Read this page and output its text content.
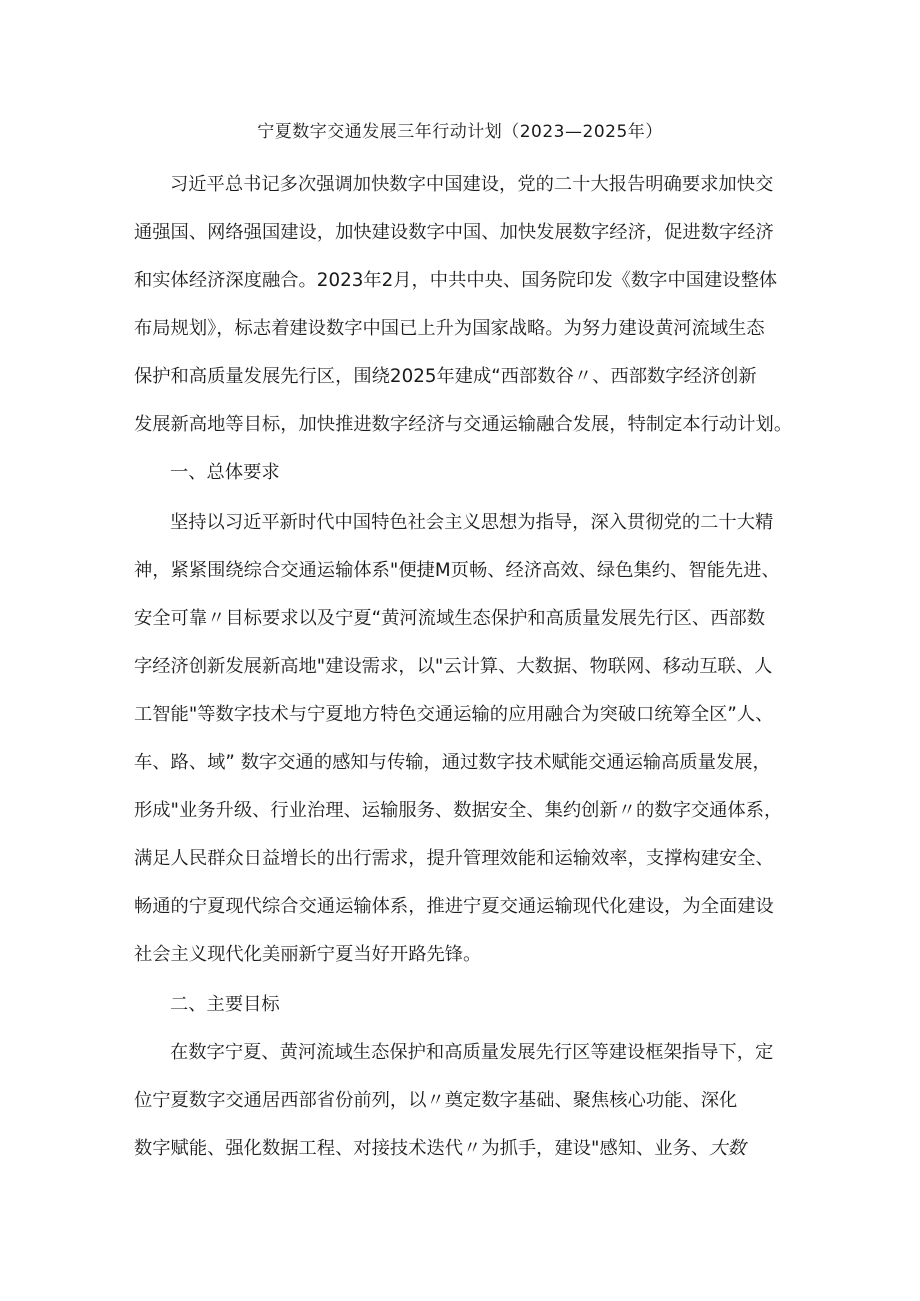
宁夏数字交通发展三年行动计划（2023—2025年）
习近平总书记多次强调加快数字中国建设，党的二十大报告明确要求加快交
通强国、网络强国建设，加快建设数字中国、加快发展数字经济，促进数字经济
和实体经济深度融合。2023年2月，中共中央、国务院印发《数字中国建设整体
布局规划》，标志着建设数字中国已上升为国家战略。为努力建设黄河流域生态
保护和高质量发展先行区，围绕2025年建成“西部数谷〃、西部数字经济创新
发展新高地等目标，加快推进数字经济与交通运输融合发展，特制定本行动计划。
一、总体要求
坚持以习近平新时代中国特色社会主义思想为指导，深入贯彻党的二十大精
神，紧紧围绕综合交通运输体系"便捷M页畅、经济高效、绿色集约、智能先进、
安全可靠〃目标要求以及宁夏“黄河流域生态保护和高质量发展先行区、西部数
字经济创新发展新高地"建设需求，以"云计算、大数据、物联网、移动互联、人
工智能"等数字技术与宁夏地方特色交通运输的应用融合为突破口统筹全区”人、
车、路、域” 数字交通的感知与传输，通过数字技术赋能交通运输高质量发展，
形成"业务升级、行业治理、运输服务、数据安全、集约创新〃的数字交通体系，
满足人民群众日益增长的出行需求，提升管理效能和运输效率，支撑构建安全、
畅通的宁夏现代综合交通运输体系，推进宁夏交通运输现代化建设，为全面建设
社会主义现代化美丽新宁夏当好开路先锋。
二、主要目标
在数字宁夏、黄河流域生态保护和高质量发展先行区等建设框架指导下，定
位宁夏数字交通居西部省份前列，以〃奠定数字基础、聚焦核心功能、深化
数字赋能、强化数据工程、对接技术迭代〃为抓手，建设"感知、业务、大数
